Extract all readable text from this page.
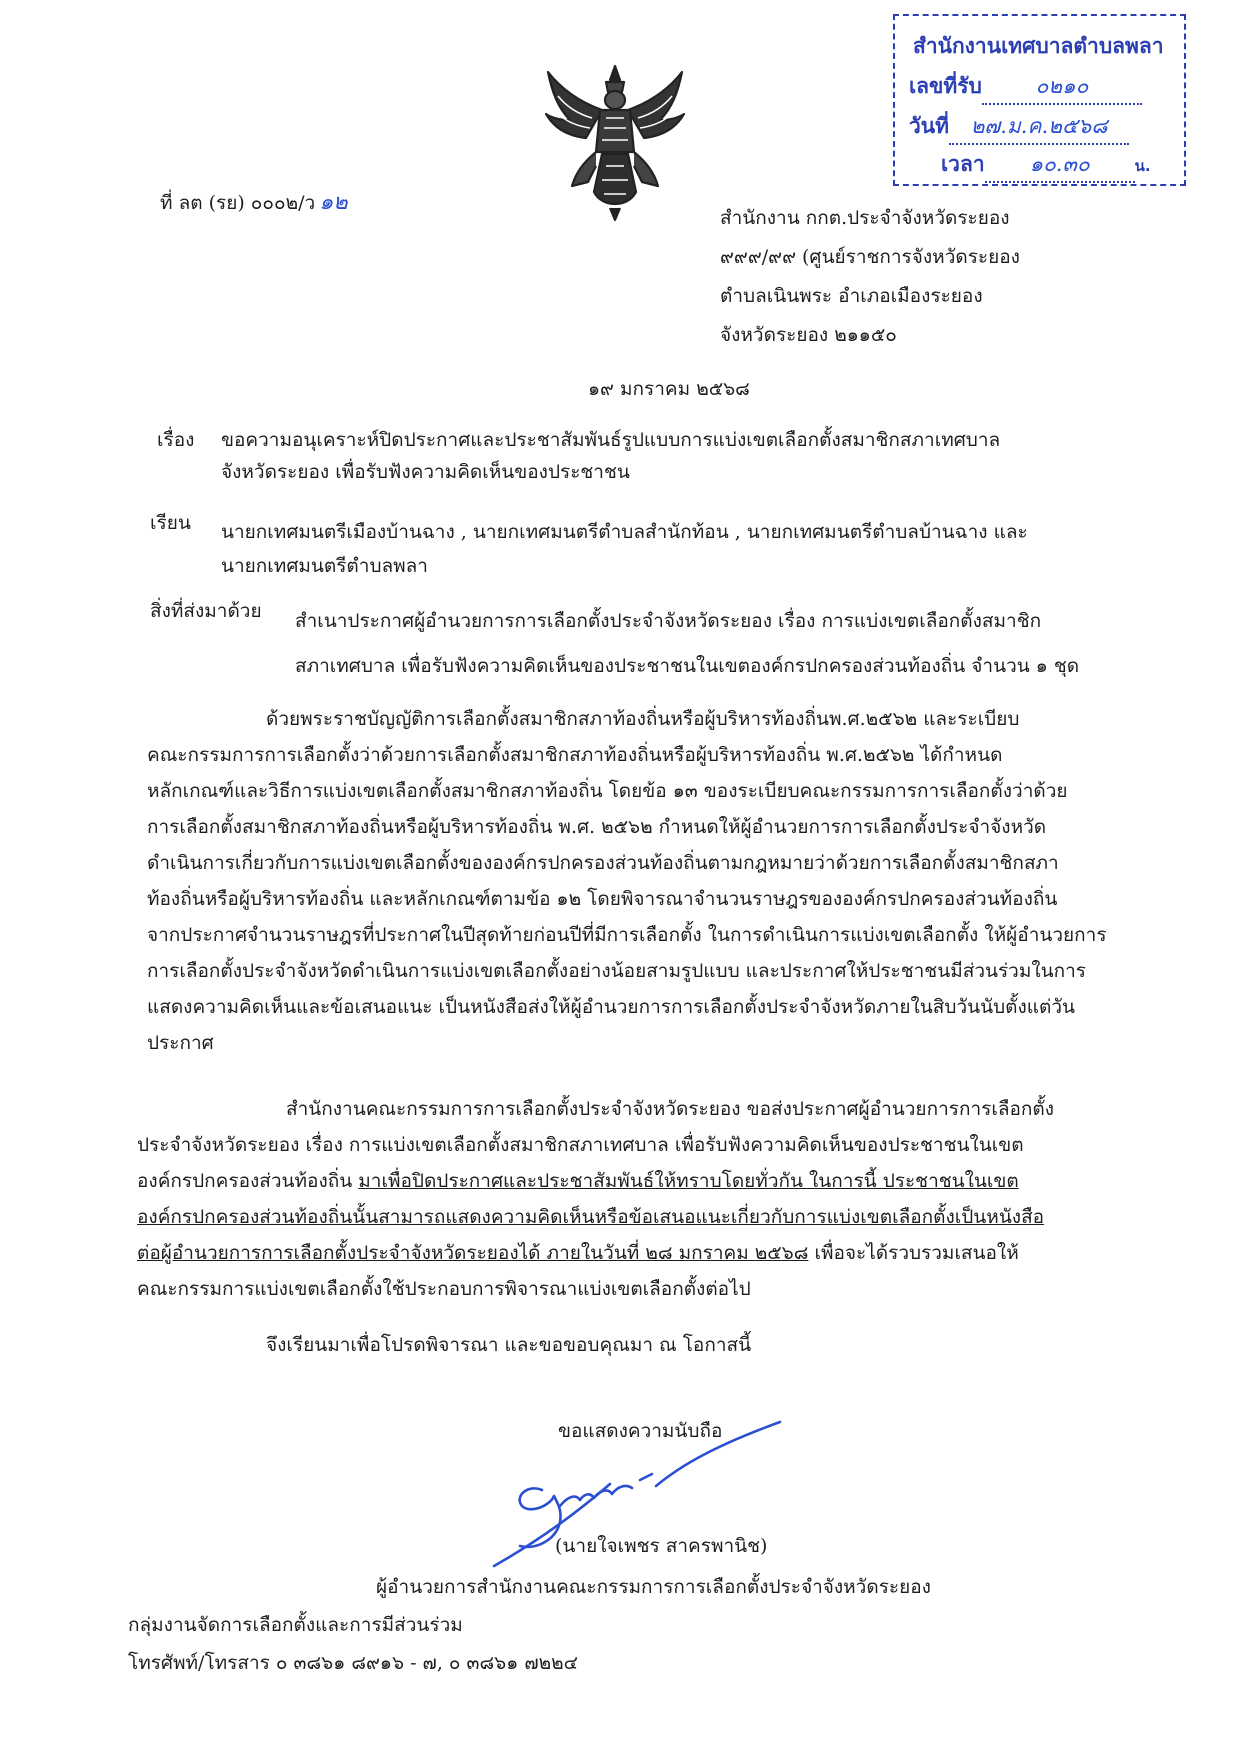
สำนักงานเทศบาลตำบลพลา
เลขที่รับ	๐๒๑๐
วันที่ ๒๗.ม.ค.๒๕๖๘
เวลา ๑๐.๓๐	น.
ที่ ลต (รย) ๐๐๐๒/ว ๑๒
สำนักงาน กกต.ประจำจังหวัดระยอง
๙๙๙/๙๙ (ศูนย์ราชการจังหวัดระยอง
ตำบลเนินพระ อำเภอเมืองระยอง
จังหวัดระยอง ๒๑๑๕๐
๑๙ มกราคม ๒๕๖๘
เรื่อง ขอความอนุเคราะห์ปิดประกาศและประชาสัมพันธ์รูปแบบการแบ่งเขตเลือกตั้งสมาชิกสภาเทศบาล
จังหวัดระยอง เพื่อรับฟังความคิดเห็นของประชาชน
เรียน นายกเทศมนตรีเมืองบ้านฉาง , นายกเทศมนตรีตำบลสำนักท้อน , นายกเทศมนตรีตำบลบ้านฉาง และ
นายกเทศมนตรีตำบลพลา
สิ่งที่ส่งมาด้วย สำเนาประกาศผู้อำนวยการการเลือกตั้งประจำจังหวัดระยอง เรื่อง การแบ่งเขตเลือกตั้งสมาชิก
สภาเทศบาล เพื่อรับฟังความคิดเห็นของประชาชนในเขตองค์กรปกครองส่วนท้องถิ่น จำนวน ๑ ชุด
ด้วยพระราชบัญญัติการเลือกตั้งสมาชิกสภาท้องถิ่นหรือผู้บริหารท้องถิ่นพ.ศ.๒๕๖๒ และระเบียบ
คณะกรรมการการเลือกตั้งว่าด้วยการเลือกตั้งสมาชิกสภาท้องถิ่นหรือผู้บริหารท้องถิ่น พ.ศ.๒๕๖๒ ได้กำหนด
หลักเกณฑ์และวิธีการแบ่งเขตเลือกตั้งสมาชิกสภาท้องถิ่น โดยข้อ ๑๓ ของระเบียบคณะกรรมการการเลือกตั้งว่าด้วย
การเลือกตั้งสมาชิกสภาท้องถิ่นหรือผู้บริหารท้องถิ่น พ.ศ. ๒๕๖๒ กำหนดให้ผู้อำนวยการการเลือกตั้งประจำจังหวัด
ดำเนินการเกี่ยวกับการแบ่งเขตเลือกตั้งขององค์กรปกครองส่วนท้องถิ่นตามกฎหมายว่าด้วยการเลือกตั้งสมาชิกสภา
ท้องถิ่นหรือผู้บริหารท้องถิ่น และหลักเกณฑ์ตามข้อ ๑๒ โดยพิจารณาจำนวนราษฎรขององค์กรปกครองส่วนท้องถิ่น
จากประกาศจำนวนราษฎรที่ประกาศในปีสุดท้ายก่อนปีที่มีการเลือกตั้ง ในการดำเนินการแบ่งเขตเลือกตั้ง ให้ผู้อำนวยการ
การเลือกตั้งประจำจังหวัดดำเนินการแบ่งเขตเลือกตั้งอย่างน้อยสามรูปแบบ และประกาศให้ประชาชนมีส่วนร่วมในการ
แสดงความคิดเห็นและข้อเสนอแนะ เป็นหนังสือส่งให้ผู้อำนวยการการเลือกตั้งประจำจังหวัดภายในสิบวันนับตั้งแต่วัน
ประกาศ
สำนักงานคณะกรรมการการเลือกตั้งประจำจังหวัดระยอง ขอส่งประกาศผู้อำนวยการการเลือกตั้ง
ประจำจังหวัดระยอง เรื่อง การแบ่งเขตเลือกตั้งสมาชิกสภาเทศบาล เพื่อรับฟังความคิดเห็นของประชาชนในเขต
องค์กรปกครองส่วนท้องถิ่น มาเพื่อปิดประกาศและประชาสัมพันธ์ให้ทราบโดยทั่วกัน ในการนี้ ประชาชนในเขต
องค์กรปกครองส่วนท้องถิ่นนั้นสามารถแสดงความคิดเห็นหรือข้อเสนอแนะเกี่ยวกับการแบ่งเขตเลือกตั้งเป็นหนังสือ
ต่อผู้อำนวยการการเลือกตั้งประจำจังหวัดระยองได้ ภายในวันที่ ๒๘ มกราคม ๒๕๖๘ เพื่อจะได้รวบรวมเสนอให้
คณะกรรมการแบ่งเขตเลือกตั้งใช้ประกอบการพิจารณาแบ่งเขตเลือกตั้งต่อไป
จึงเรียนมาเพื่อโปรดพิจารณา และขอขอบคุณมา ณ โอกาสนี้
ขอแสดงความนับถือ
(นายใจเพชร สาครพานิช)
ผู้อำนวยการสำนักงานคณะกรรมการการเลือกตั้งประจำจังหวัดระยอง
กลุ่มงานจัดการเลือกตั้งและการมีส่วนร่วม
โทรศัพท์/โทรสาร ๐ ๓๘๖๑ ๘๙๑๖ - ๗, ๐ ๓๘๖๑ ๗๒๒๔
